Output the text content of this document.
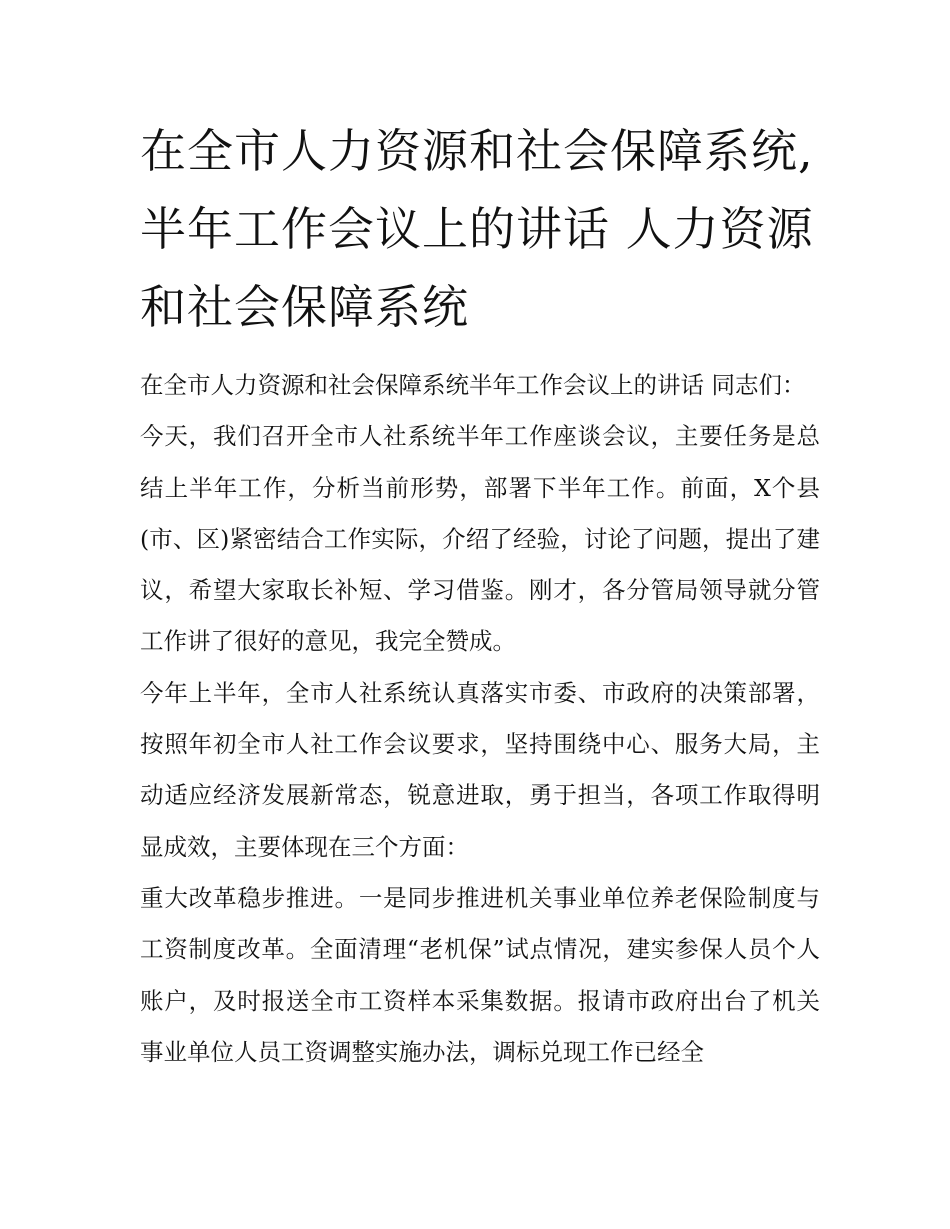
在全市人力资源和社会保障系统,半年工作会议上的讲话 人力资源和社会保障系统

在全市人力资源和社会保障系统半年工作会议上的讲话 同志们：

今天，我们召开全市人社系统半年工作座谈会议，主要任务是总结上半年工作，分析当前形势，部署下半年工作。前面，X个县(市、区)紧密结合工作实际，介绍了经验，讨论了问题，提出了建议，希望大家取长补短、学习借鉴。刚才，各分管局领导就分管工作讲了很好的意见，我完全赞成。

今年上半年，全市人社系统认真落实市委、市政府的决策部署，按照年初全市人社工作会议要求，坚持围绕中心、服务大局，主动适应经济发展新常态，锐意进取，勇于担当，各项工作取得明显成效，主要体现在三个方面：

重大改革稳步推进。一是同步推进机关事业单位养老保险制度与工资制度改革。全面清理“老机保”试点情况，建实参保人员个人账户，及时报送全市工资样本采集数据。报请市政府出台了机关事业单位人员工资调整实施办法，调标兑现工作已经全
